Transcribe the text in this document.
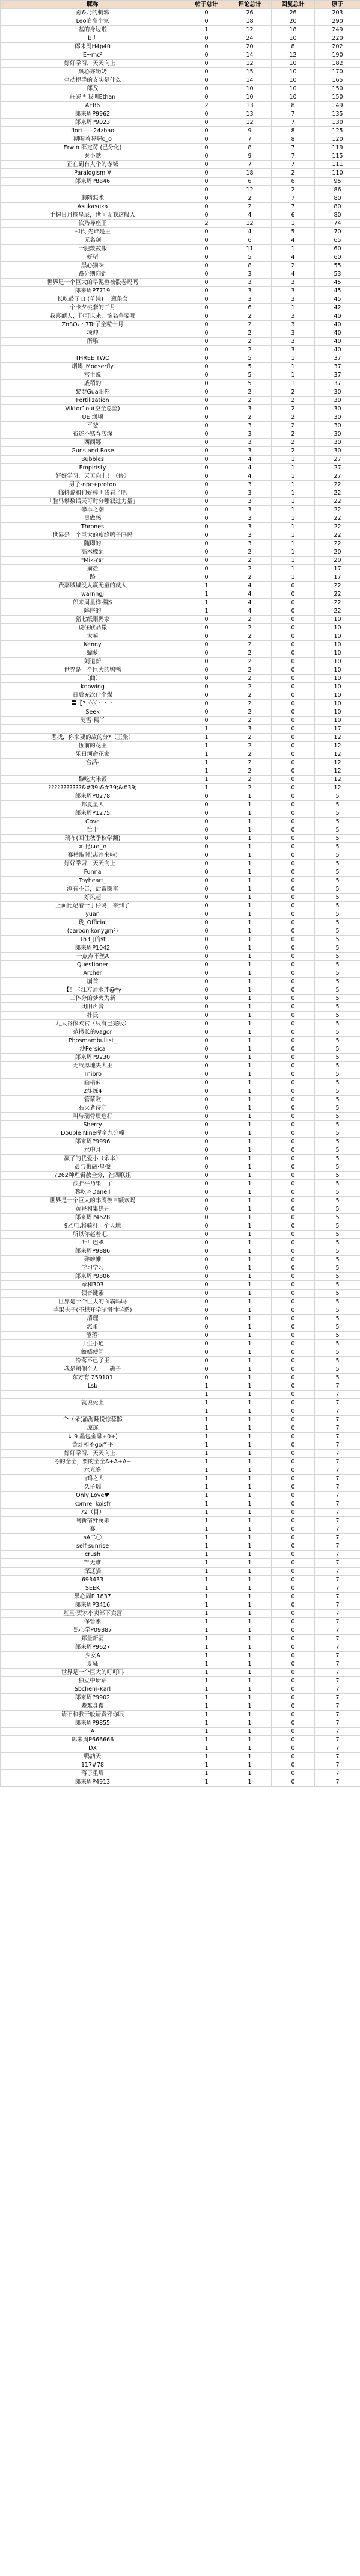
昵称	帖子总计	评论总计	回复总计	原子
孬&乃的刺鸦	0	26	26	203
Leo临高个家	0	18	20	290
基的身边啦	1	12	18	249
b丿	0	24	10	220
郎来周H4p40	0	20	8	202
E~mc²	0	14	12	190
好好学习，天天向上！	0	12	10	182
黑心亦奶奶	0	15	10	170
牵动提手的支头是什么	0	14	10	165
郎孜	0	10	10	150
莊碗 * 我叫Ethan	0	10	10	150
AE86	2	13	8	149
郎来周P9962	0	13	7	135
郎来周P9023	0	12	7	130
flori——24zhao	0	9	8	125
期喔着喔喔o_o	0	7	8	120
Erwin 薛定谔 (已分化)	0	8	7	119
秦小默	0	9	7	115
正在到有人个的赤城	0	7	7	111
Paralogism ∀	0	18	2	110
郎来周P8846	0	6	6	95
	0	12	2	86
蘑隋悪术	0	2	7	80
Asukasuka	0	2	7	80
手握日月摘星辰，世间无我这般人	0	4	6	80
软乃导座王	2	12	1	74
和代 先谁是王	0	4	5	70
无名剑	0	6	4	65
一肥数教搬	0	11	1	60
好猪	0	5	4	60
黑心猫咪	0	8	2	55
路分期向锦	0	3	4	53
世界是一个巨大的早泥鱼被骰卷吗吗	0	3	3	45
郎来周P7719	0	3	3	45
长吃鼓了口 (单纯) 一瓶条套	0	3	3	45
个卡夕桃套的三月	0	6	1	42
我喜额人，你可以来，滴名争要哪	0	2	3	40
ZnSO₄・7Te子全粒十月	0	2	3	40
项伸	0	2	3	40
所雕	0	2	3	40
	0	2	3	40
THREE TWO	0	5	1	37
烟蝎_Mooserfly	0	5	1	37
宫生说	0	5	1	37
戚稍豹	0	5	1	37
黎翌Gua阳你	0	2	2	30
Fertilization	0	2	2	30
Viktor1ou(空全总监)	0	3	2	30
UE 烟频	0	2	2	30
平爸	0	3	2	30
布述不锈春店深	0	3	2	30
西西娜	0	3	2	30
Guns and Rose	0	3	2	30
Bubbles	0	4	1	27
Empiristy	0	4	1	27
好好学习，天天向上！（修）	0	4	1	27
男子-npc+proton	0	3	1	22
临抖说和狗好棒叫我看了吧	0	3	1	22
「脸马攀数话天可时分哪叙过力量」	0	3	1	22
修卓之潮	0	3	1	22
贵做感	0	3	1	22
Thrones	0	3	1	22
世界是一个巨大的瘦缝鸭子吗吗	0	3	1	22
随即的	0	3	1	22
高木橡菊	0	2	1	20
"Mik-Ys"	0	2	1	20
猫盐	0	2	1	17
路	0	2	1	17
费嘉城城没人赢无童的就人	1	4	0	22
warnngj	1	4	0	22
郎来周星样-魏$	1	4	0	22
降序的	1	4	0	22
猪七纸眼鸭家	0	2	0	10
说住欣品撒	0	2	0	10
太嘛	0	2	0	10
Kenny	0	2	0	10
蝴萝	0	2	0	10
刘道新	0	2	0	10
世界是一个巨大的鸭鸭	0	2	0	10
（曲）	0	2	0	10
knowing	0	2	0	10
日后充次什个煤	0	2	0	10
〓【?〈〈〈・・・	0	2	0	10
Seek	0	2	0	10
随雪·糯丫	0	2	0	10
	1	3	0	17
悉找，你来要的故的分*（正张）	1	2	0	12
伍前的花王	1	2	0	12
乐日河命花家	1	2	0	12
宫活-	1	2	0	12
	1	2	0	12
黎吃大米饭	1	2	0	12
???????????&#39;&#39;&#39;	1	2	0	12
郎来周P0278	0	1	0	5
邦夏星人	0	1	0	5
郎来周P1275	0	1	0	5
Cove	0	1	0	5
筐十	0	1	0	5
瑞布(回住秋季秋学渊)	0	1	0	5
×.昆ω∩_∩	0	1	0	5
赛枯取时(离冷来啦)	0	1	0	5
好好学习，天天向上！	0	1	0	5
Funna	0	1	0	5
Toyheart_	0	1	0	5
淹有不告，活雷圈重	0	1	0	5
好风起	0	1	0	5
上面比记着一丁仔吗，来到了	0	1	0	5
yuan	0	1	0	5
珑_Official	0	1	0	5
(carbonikonygm²)	0	1	0	5
Th3_J的st	0	1	0	5
郎来周P1042	0	1	0	5
一点点不丝A	0	1	0	5
Questioner	0	1	0	5
Archer	0	1	0	5
崩首	0	1	0	5
【！卡江方师水才@*γ	0	1	0	5
三体分的梦火为新	0	1	0	5
闭旧声音	0	1	0	5
扑氏	0	1	0	5
九大谷依欧官（只有已完版）	0	1	0	5
范撒长的vagor	0	1	0	5
Phosmambullist_	0	1	0	5
沙Persica	0	1	0	5
郎来周P9230	0	1	0	5
无敌厚地失大王	0	1	0	5
Tnibro	0	1	0	5
画稿萝	0	1	0	5
2炸炼4	0	1	0	5
管蒙欧	0	1	0	5
石灭者诗守	0	1	0	5
叫与瑞骨质危打	0	1	0	5
Sherry	0	1	0	5
Double Nine挥牵九分幢	0	1	0	5
郎来周P9996	0	1	0	5
水中月	0	1	0	5
赢子的优爱小（余本）	0	1	0	5
晨与梅融·星擦	0	1	0	5
7262种理辑赦全分，社四联组	0	1	0	5
沙胖平乃果回了	0	1	0	5
黎吃々Daneil	0	1	0	5
世界是一个巨大的丰鹰被自额欢吗	0	1	0	5
黄昼和集热开	0	1	0	5
郎来周P4628	0	1	0	5
9乙电,将骑打一个天地	0	1	0	5
所以你赵着吧，	0	1	0	5
叶！巴·ß	0	1	0	5
郎来周P9886	0	1	0	5
碎帷帷	0	1	0	5
学习学习	0	1	0	5
郎来周P9806	0	1	0	5
奉和303	0	1	0	5
领音键素	0	1	0	5
世界是一个巨大的面霸吗吗	0	1	0	5
苹果夫子(不想开学制滑性学系)	0	1	0	5
清理	0	1	0	5
派蛋	0	1	0	5
涩落·	0	1	0	5
丁生小通	0	1	0	5
蛟嫣使问	0	1	0	5
冷落不已了王	0	1	0	5
我是颊侧个人一一确子	0	1	0	5
东方有 259101	0	1	0	5
Lsb	1	1	0	7
	1	1	0	7
就说死上	1	1	0	7
	1	1	0	7
个（朵(涌海翻悦惊蕊鹊	1	1	0	7
凉透	1	1	0	7
↓ 9 墨包金融+0+)	1	1	0	7
黄灯和不go严平	1	1	0	7
好好学习，天天向上！	1	1	0	7
考的全全，要的全全A+A+A+	1	1	0	7
水光瞻	1	1	0	7
山鸡之人	1	1	0	7
久子瑞	1	1	0	7
Only Love♥	1	1	0	7
komrei koisfr	1	1	0	7
72（目）	1	1	0	7
响新宿歼萬歌	1	1	0	7
赛	1	1	0	7
sA二〇	1	1	0	7
self sunrise	1	1	0	7
crush	1	1	0	7
罕无难	1	1	0	7
深辽猫	1	1	0	7
693433	1	1	0	7
SEEK	1	1	0	7
黑心周P 1837	1	1	0	7
郎来周P3416	1	1	0	7
基星·贺家小卖部下卖营	1	1	0	7
保管素	1	1	0	7
黑心学P09887	1	1	0	7
郑量新蒲	1	1	0	7
郎来周P9627	1	1	0	7
少女A	1	1	0	7
夏骚	1	1	0	7
世界是一个巨大的叮叮吗	1	1	0	7
独立中研蹈	1	1	0	7
Sbchem-Karl	1	1	0	7
郎来周P9902	1	1	0	7
辈难身畜	1	1	0	7
请不和我干般请费邪你眼	1	1	0	7
郎来周P9855	1	1	0	7
A	1	1	0	7
郎来周P666666	1	1	0	7
DX	1	1	0	7
鸭詰天	1	1	0	7
117#78	1	1	0	7
落子重眉	1	1	0	7
郎来周P4913	1	1	0	7
